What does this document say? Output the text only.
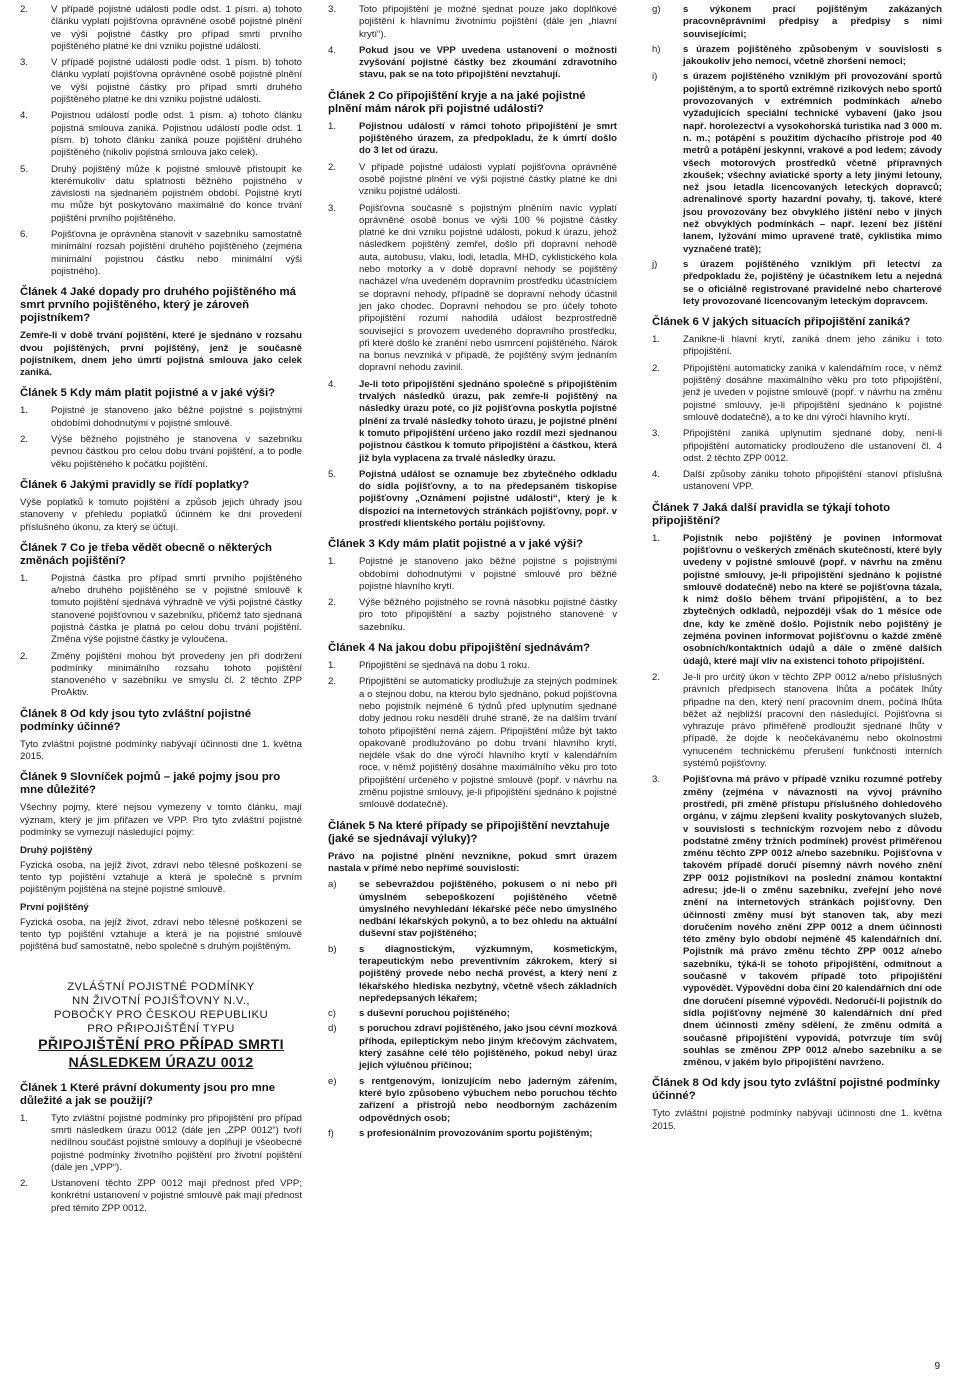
2.	V případě pojistné události podle odst. 1 písm. a) tohoto článku vyplatí pojišťovna oprávněné osobě pojistné plnění ve výši pojistné částky pro případ smrti prvního pojištěného platné ke dni vzniku pojistné události.
3.	V případě pojistné události podle odst. 1 písm. b) tohoto článku vyplatí pojišťovna oprávněné osobě pojistné plnění ve výši pojistné částky pro případ smrti druhého pojištěného platné ke dni vzniku pojistné události.
4.	Pojistnou událostí podle odst. 1 písm. a) tohoto článku pojistná smlouva zaniká. Pojistnou událostí podle odst. 1 písm. b) tohoto článku zaniká pouze pojištění druhého pojištěného (nikoliv pojistná smlouva jako celek).
5.	Druhý pojištěný může k pojistné smlouvě přistoupit ke kterémukoliv datu splatnosti běžného pojistného v závislosti na sjednaném pojistném období. Pojistné krytí mu může být poskytováno maximálně do konce trvání pojištění prvního pojištěného.
6.	Pojišťovna je oprávněna stanovit v sazebníku samostatně minimální rozsah pojištění druhého pojištěného (zejména minimální pojistnou částku nebo minimální výši pojistného).
Článek 4 Jaké dopady pro druhého pojištěného má smrt prvního pojištěného, který je zároveň pojistníkem?
Zemře-li v době trvání pojištění, které je sjednáno v rozsahu dvou pojištěných, první pojištěný, jenž je současně pojistníkem, dnem jeho úmrtí pojistná smlouva jako celek zaniká.
Článek 5 Kdy mám platit pojistné a v jaké výši?
1.	Pojistné je stanoveno jako běžné pojistné s pojistnými obdobími dohodnutými v pojistné smlouvě.
2.	Výše běžného pojistného je stanovena v sazebníku pevnou částkou pro celou dobu trvání pojištění, a to podle věku pojištěného k počátku pojištění.
Článek 6 Jakými pravidly se řídí poplatky?
Výše poplatků k tomuto pojištění a způsob jejich úhrady jsou stanoveny v přehledu poplatků účinném ke dni provedení příslušného úkonu, za který se účtují.
Článek 7 Co je třeba vědět obecně o některých změnách pojištění?
1.	Pojistná částka pro případ smrti prvního pojištěného a/nebo druhého pojištěného se v pojistné smlouvě k tomuto pojištění sjednává výhradně ve výši pojistné částky stanovené pojišťovnou v sazebníku, přičemž tato sjednaná pojistná částka je platná po celou dobu trvání pojištění. Změna výše pojistné částky je vyloučena.
2.	Změny pojištění mohou být provedeny jen při dodržení podmínky minimálního rozsahu tohoto pojištění stanoveného v sazebníku ve smyslu čl. 2 těchto ZPP ProAktiv.
Článek 8 Od kdy jsou tyto zvláštní pojistné podmínky účinné?
Tyto zvláštní pojistné podmínky nabývají účinnosti dne 1. května 2015.
Článek 9 Slovníček pojmů – jaké pojmy jsou pro mne důležité?
Všechny pojmy, které nejsou vymezeny v tomto článku, mají význam, který je jim přiřazen ve VPP. Pro tyto zvláštní pojistné podmínky se vymezují následující pojmy:
Druhý pojištěný
Fyzická osoba, na jejíž život, zdraví nebo tělesné poškození se tento typ pojištění vztahuje a která je společně s prvním pojištěným pojištěná na stejné pojistné smlouvě.
První pojištěný
Fyzická osoba, na jejíž život, zdraví nebo tělesné poškození se tento typ pojištění vztahuje a která je na pojistné smlouvě pojištěná buď samostatně, nebo společně s druhým pojištěným.
ZVLÁŠTNÍ POJISTNÉ PODMÍNKY
NN ŽIVOTNÍ POJIŠŤOVNY N.V.,
POBOČKY PRO ČESKOU REPUBLIKU
PRO PŘIPOJIŠTĚNÍ TYPU
PŘIPOJIŠTĚNÍ PRO PŘÍPAD SMRTI
NÁSLEDKEM ÚRAZU 0012
Článek 1 Které právní dokumenty jsou pro mne důležité a jak se použijí?
1.	Tyto zvláštní pojistné podmínky pro připojištění pro případ smrti následkem úrazu 0012 (dále jen „ZPP 0012“) tvoří nedílnou součást pojistné smlouvy a doplňují je všeobecné pojistné podmínky životního pojištění pro životní pojištění (dále jen „VPP“).
2.	Ustanovení těchto ZPP 0012 mají přednost před VPP; konkrétní ustanovení v pojistné smlouvě pak mají přednost před těmito ZPP 0012.
3.	Toto připojištění je možné sjednat pouze jako doplňkové pojištění k hlavnímu životnímu pojištění (dále jen „hlavní krytí“).
4.	Pokud jsou ve VPP uvedena ustanovení o možnosti zvyšování pojistné částky bez zkoumání zdravotního stavu, pak se na toto připojištění nevztahují.
Článek 2 Co připojištění kryje a na jaké pojistné plnění mám nárok při pojistné události?
1.	Pojistnou událostí v rámci tohoto připojištění je smrt pojištěného úrazem, za předpokladu, že k úmrtí došlo do 3 let od úrazu.
2.	V případě pojistné události vyplatí pojišťovna oprávněné osobě pojistné plnění ve výši pojistné částky platné ke dni vzniku pojistné události.
3.	Pojišťovna současně s pojistným plněním navíc vyplatí oprávněné osobě bonus ve výši 100 % pojistné částky platné ke dni vzniku pojistné události, pokud k úrazu, jehož následkem pojištěný zemřel, došlo při dopravní nehodě auta, autobusu, vlaku, lodi, letadla, MHD, cyklistického kola nebo motorky a v době dopravní nehody se pojištěný nacházel v/na uvedeném dopravním prostředku účastníciem se dopravní nehody, případně se dopravní nehody účastnil jen jako chodec. Dopravní nehodou se pro účely tohoto připojištění rozumí nahodilá událost bezprostředně související s provozem uvedeného dopravního prostředku, při které došlo ke zranění nebo usmrcení pojištěného. Nárok na bonus nevzniká v případě, že pojištěný svým jednáním dopravní nehodu zavinil.
4.	Je-li toto připojištění sjednáno společně s připojištěním trvalých následků úrazu, pak zemře-li pojištěný na následky úrazu poté, co již pojišťovna poskytla pojistné plnění za trvalé následky tohoto úrazu, je pojistné plnění k tomuto připojištění určeno jako rozdíl mezi sjednanou pojistnou částkou k tomuto připojištění a částkou, která již byla vyplacena za trvalé následky úrazu.
5.	Pojistná událost se oznamuje bez zbytečného odkladu do sídla pojišťovny, a to na předepsaném tiskopise pojišťovny „Oznámení pojistné události“, který je k dispozici na internetových stránkách pojišťovny, popř. v prostředí klientského portálu pojišťovny.
Článek 3 Kdy mám platit pojistné a v jaké výši?
1.	Pojistné je stanoveno jako běžné pojistné s pojistnými obdobími dohodnutými v pojistné smlouvě pro běžné pojistné hlavního krytí.
2.	Výše běžného pojistného se rovná násobku pojistné částky pro toto připojištění a sazby pojistného stanovené v sazebníku.
Článek 4 Na jakou dobu připojištění sjednávám?
1.	Připojištění se sjednává na dobu 1 roku.
2.	Připojištění se automaticky prodlužuje za stejných podmínek a o stejnou dobu, na kterou bylo sjednáno, pokud pojišťovna nebo pojistník nejméně 6 týdnů před uplynutím sjednané doby jednou roku nesdělí druhé straně, že na dalším trvání tohoto připojištění nemá zájem. Připojištění může být takto opakovaně prodlužováno po dobu trvání hlavního krytí, nejdéle však do dne výročí hlavního krytí v kalendářním roce, v němž pojištěný dosáhne maximálního věku pro toto připojištění určeného v pojistné smlouvě (popř. v návrhu na změnu pojistné smlouvy, je-li připojištění sjednáno k pojistné smlouvě dodatečně).
Článek 5 Na které případy se připojištění nevztahuje (jaké se sjednávají výluky)?
Právo na pojistné plnění nevznikne, pokud smrt úrazem nastala v přímé nebo nepřímé souvislosti:
a)	se sebevraždou pojištěného, pokusem o ni nebo při úmyslném sebepoškození pojištěného včetně úmyslného nevyhledání lékařské péče nebo úmyslného nedbání lékařských pokynů, a to bez ohledu na aktuální duševní stav pojištěného;
b)	s diagnostickým, výzkumným, kosmetickým, terapeutickým nebo preventivním zákrokem, který si pojištěný provede nebo nechá provést, a který není z lékařského hlediska nezbytný, včetně všech základních nepředepsaných lékařem;
c)	s duševní poruchou pojištěného;
d)	s poruchou zdraví pojištěného, jako jsou cévní mozková příhoda, epileptickým nebo jiným křečovým záchvatem, který zasáhne celé tělo pojištěného, pokud nebyl úraz jejich výlučnou příčinou;
e)	s rentgenovým, ionizujícím nebo jaderným zářením, které bylo způsobeno výbuchem nebo poruchou těchto zařízení a přístrojů nebo neodborným zacházením odpovědných osob;
f)	s profesionálním provozováním sportu pojištěným;
g)	s výkonem prací pojištěným zakázaných pracovněprávními předpisy a předpisy s nimi souvisejícími;
h)	s úrazem pojištěného způsobeným v souvislosti s jakoukoliv jeho nemocí, včetně zhoršení nemoci;
i)	s úrazem pojištěného vzniklým při provozování sportů pojištěným, a to sportů extrémně rizikových nebo sportů provozovaných v extrémních podmínkách a/nebo vyžadujících speciální technické vybavení (jako jsou např. horolezectví a vysokohorská turistika nad 3 000 m. n. m.; potápění s použitím dýchacího přístroje pod 40 metrů a potápění jeskynní, vrakové a pod ledem; závody všech motorových prostředků včetně přípravných zkoušek; všechny aviatické sporty a lety jinými letouny, než jsou letadla licencovaných leteckých dopravců; adrenalinové sporty hazardní povahy, tj. takové, které jsou provozovány bez obvyklého jištění nebo v jiných než obvyklých podmínkách – např. lezení bez jištění lanem, lyžování mimo upravené tratě, cyklistika mimo vyznačené tratě);
j)	s úrazem pojištěného vzniklým při letectví za předpokladu že, pojištěný je účastníkem letu a nejedná se o oficiálně registrované pravidelné nebo charterové lety provozované licencovaným leteckým dopravcem.
Článek 6 V jakých situacích připojištění zaniká?
1.	Zanikne-li hlavní krytí, zaniká dnem jeho zániku i toto připojištění.
2.	Připojištění automaticky zaniká v kalendářním roce, v němž pojištěný dosáhne maximálního věku pro toto připojištění, jenž je uveden v pojistné smlouvě (popř. v návrhu na změnu pojistné smlouvy, je-li připojištění sjednáno k pojistné smlouvě dodatečně), a to ke dni výročí hlavního krytí.
3.	Připojištění zaniká uplynutím sjednané doby, není-li připojištění automaticky prodlouženo dle ustanovení čl. 4 odst. 2 těchto ZPP 0012.
4.	Další způsoby zániku tohoto připojištění stanoví příslušná ustanovení VPP.
Článek 7 Jaká další pravidla se týkají tohoto připojištění?
1.	Pojistník nebo pojištěný je povinen informovat pojišťovnu o veškerých změnách skutečností, které byly uvedeny v pojistné smlouvě (popř. v návrhu na změnu pojistné smlouvy, je-li připojištění sjednáno k pojistné smlouvě dodatečně) nebo na které se pojišťovna tázala, k nimž došlo během trvání připojištění, a to bez zbytečných odkladů, nejpozději však do 1 měsíce ode dne, kdy ke změně došlo. Pojistník nebo pojištěný je zejména povinen informovat pojišťovnu o každé změně osobních/kontaktních údajů a dále o změně dalších údajů, které mají vliv na existenci tohoto připojištění.
2.	Je-li pro určitý úkon v těchto ZPP 0012 a/nebo příslušných právních předpisech stanovena lhůta a počátek lhůty připadne na den, který není pracovním dnem, počíná lhůta běžet až nejbližší pracovní den následující. Pojišťovna si vyhrazuje právo přiměřeně prodloužit sjednané lhůty v případě, že dojde k neočekávanému nebo okolnostmi vynuceném technickému přerušení funkčnosti interních systémů pojišťovny.
3.	Pojišťovna má právo v případě vzniku rozumné potřeby změny (zejména v návaznosti na vývoj právního prostředí, při změně přístupu příslušného dohledového orgánu, v zájmu zlepšení kvality poskytovaných služeb, v souvislosti s technickým rozvojem nebo z důvodu podstatné změny tržních podmínek) provést přiměřenou změnu těchto ZPP 0012 a/nebo sazebníku. Pojišťovna v takovém případě doručí písemný návrh nového znění ZPP 0012 pojistníkovi na poslední známou kontaktní adresu; jde-li o změnu sazebníku, zveřejní jeho nové znění na internetových stránkách pojišťovny. Den účinnosti změny musí být stanoven tak, aby mezi doručením nového znění ZPP 0012 a dnem účinnosti této změny bylo období nejméně 45 kalendářních dní. Pojistník má právo změnu těchto ZPP 0012 a/nebo sazebníku, týká-li se tohoto připojištění, odmítnout a současně v takovém případě toto připojištění vypovědět. Výpovědní doba činí 20 kalendářních dní ode dne doručení písemné výpovědi. Nedoručí-li pojistník do sídla pojišťovny nejméně 30 kalendářních dní před dnem účinnosti změny sdělení, že změnu odmítá a současně připojištění vypovídá, potvrzuje tím svůj souhlas se změnou ZPP 0012 a/nebo sazebníku a se změnou, v jakém bylo připojištění navrženo.
Článek 8 Od kdy jsou tyto zvláštní pojistné podmínky účinné?
Tyto zvláštní pojistné podmínky nabývají účinnosti dne 1. května 2015.
9
